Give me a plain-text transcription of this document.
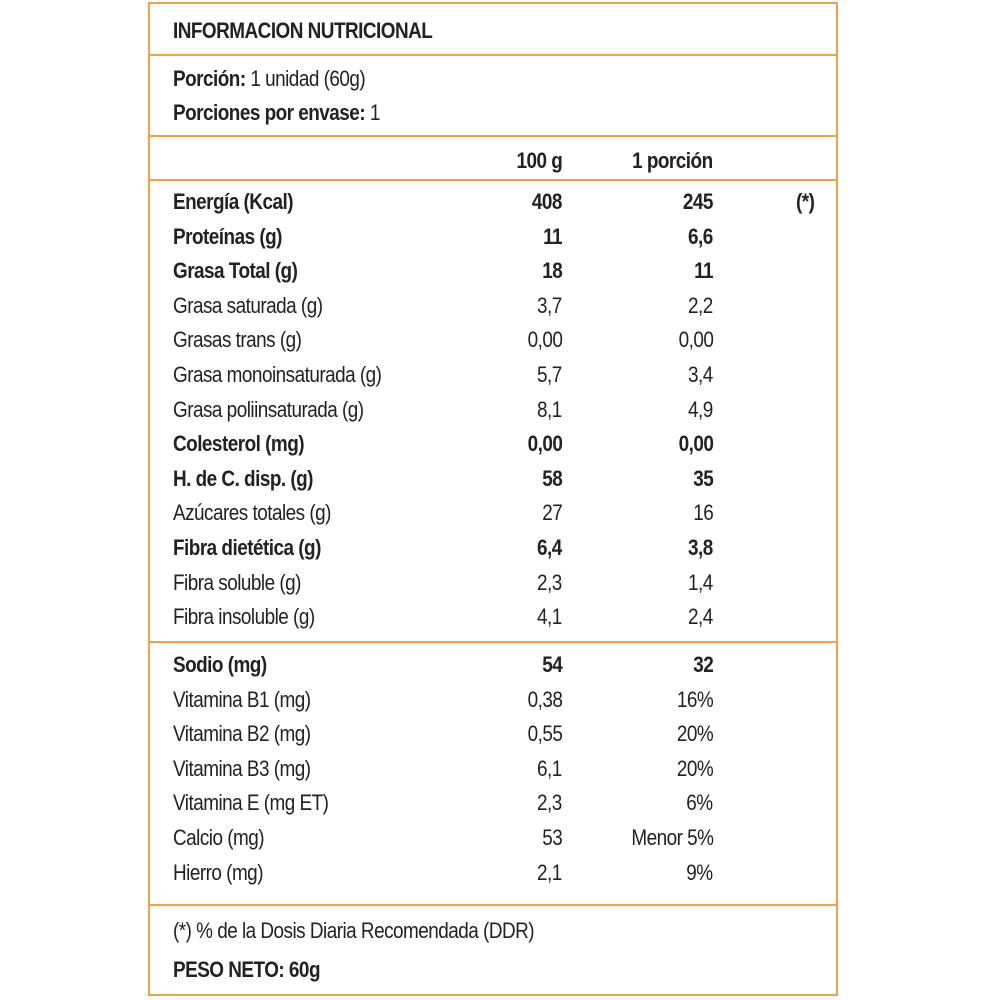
INFORMACION NUTRICIONAL
Porción: 1 unidad (60g)
Porciones por envase: 1
100 g	1 porción
Energía (Kcal)	408	245	(*)
Proteínas (g)	11	6,6
Grasa Total (g)	18	11
Grasa saturada (g)	3,7	2,2
Grasas trans (g)	0,00	0,00
Grasa monoinsaturada (g)	5,7	3,4
Grasa poliinsaturada (g)	8,1	4,9
Colesterol (mg)	0,00	0,00
H. de C. disp. (g)	58	35
Azúcares totales (g)	27	16
Fibra dietética (g)	6,4	3,8
Fibra soluble (g)	2,3	1,4
Fibra insoluble (g)	4,1	2,4
Sodio (mg)	54	32
Vitamina B1 (mg)	0,38	16%
Vitamina B2 (mg)	0,55	20%
Vitamina B3 (mg)	6,1	20%
Vitamina E (mg ET)	2,3	6%
Calcio (mg)	53	Menor 5%
Hierro (mg)	2,1	9%
(*) % de la Dosis Diaria Recomendada (DDR)
PESO NETO: 60g
